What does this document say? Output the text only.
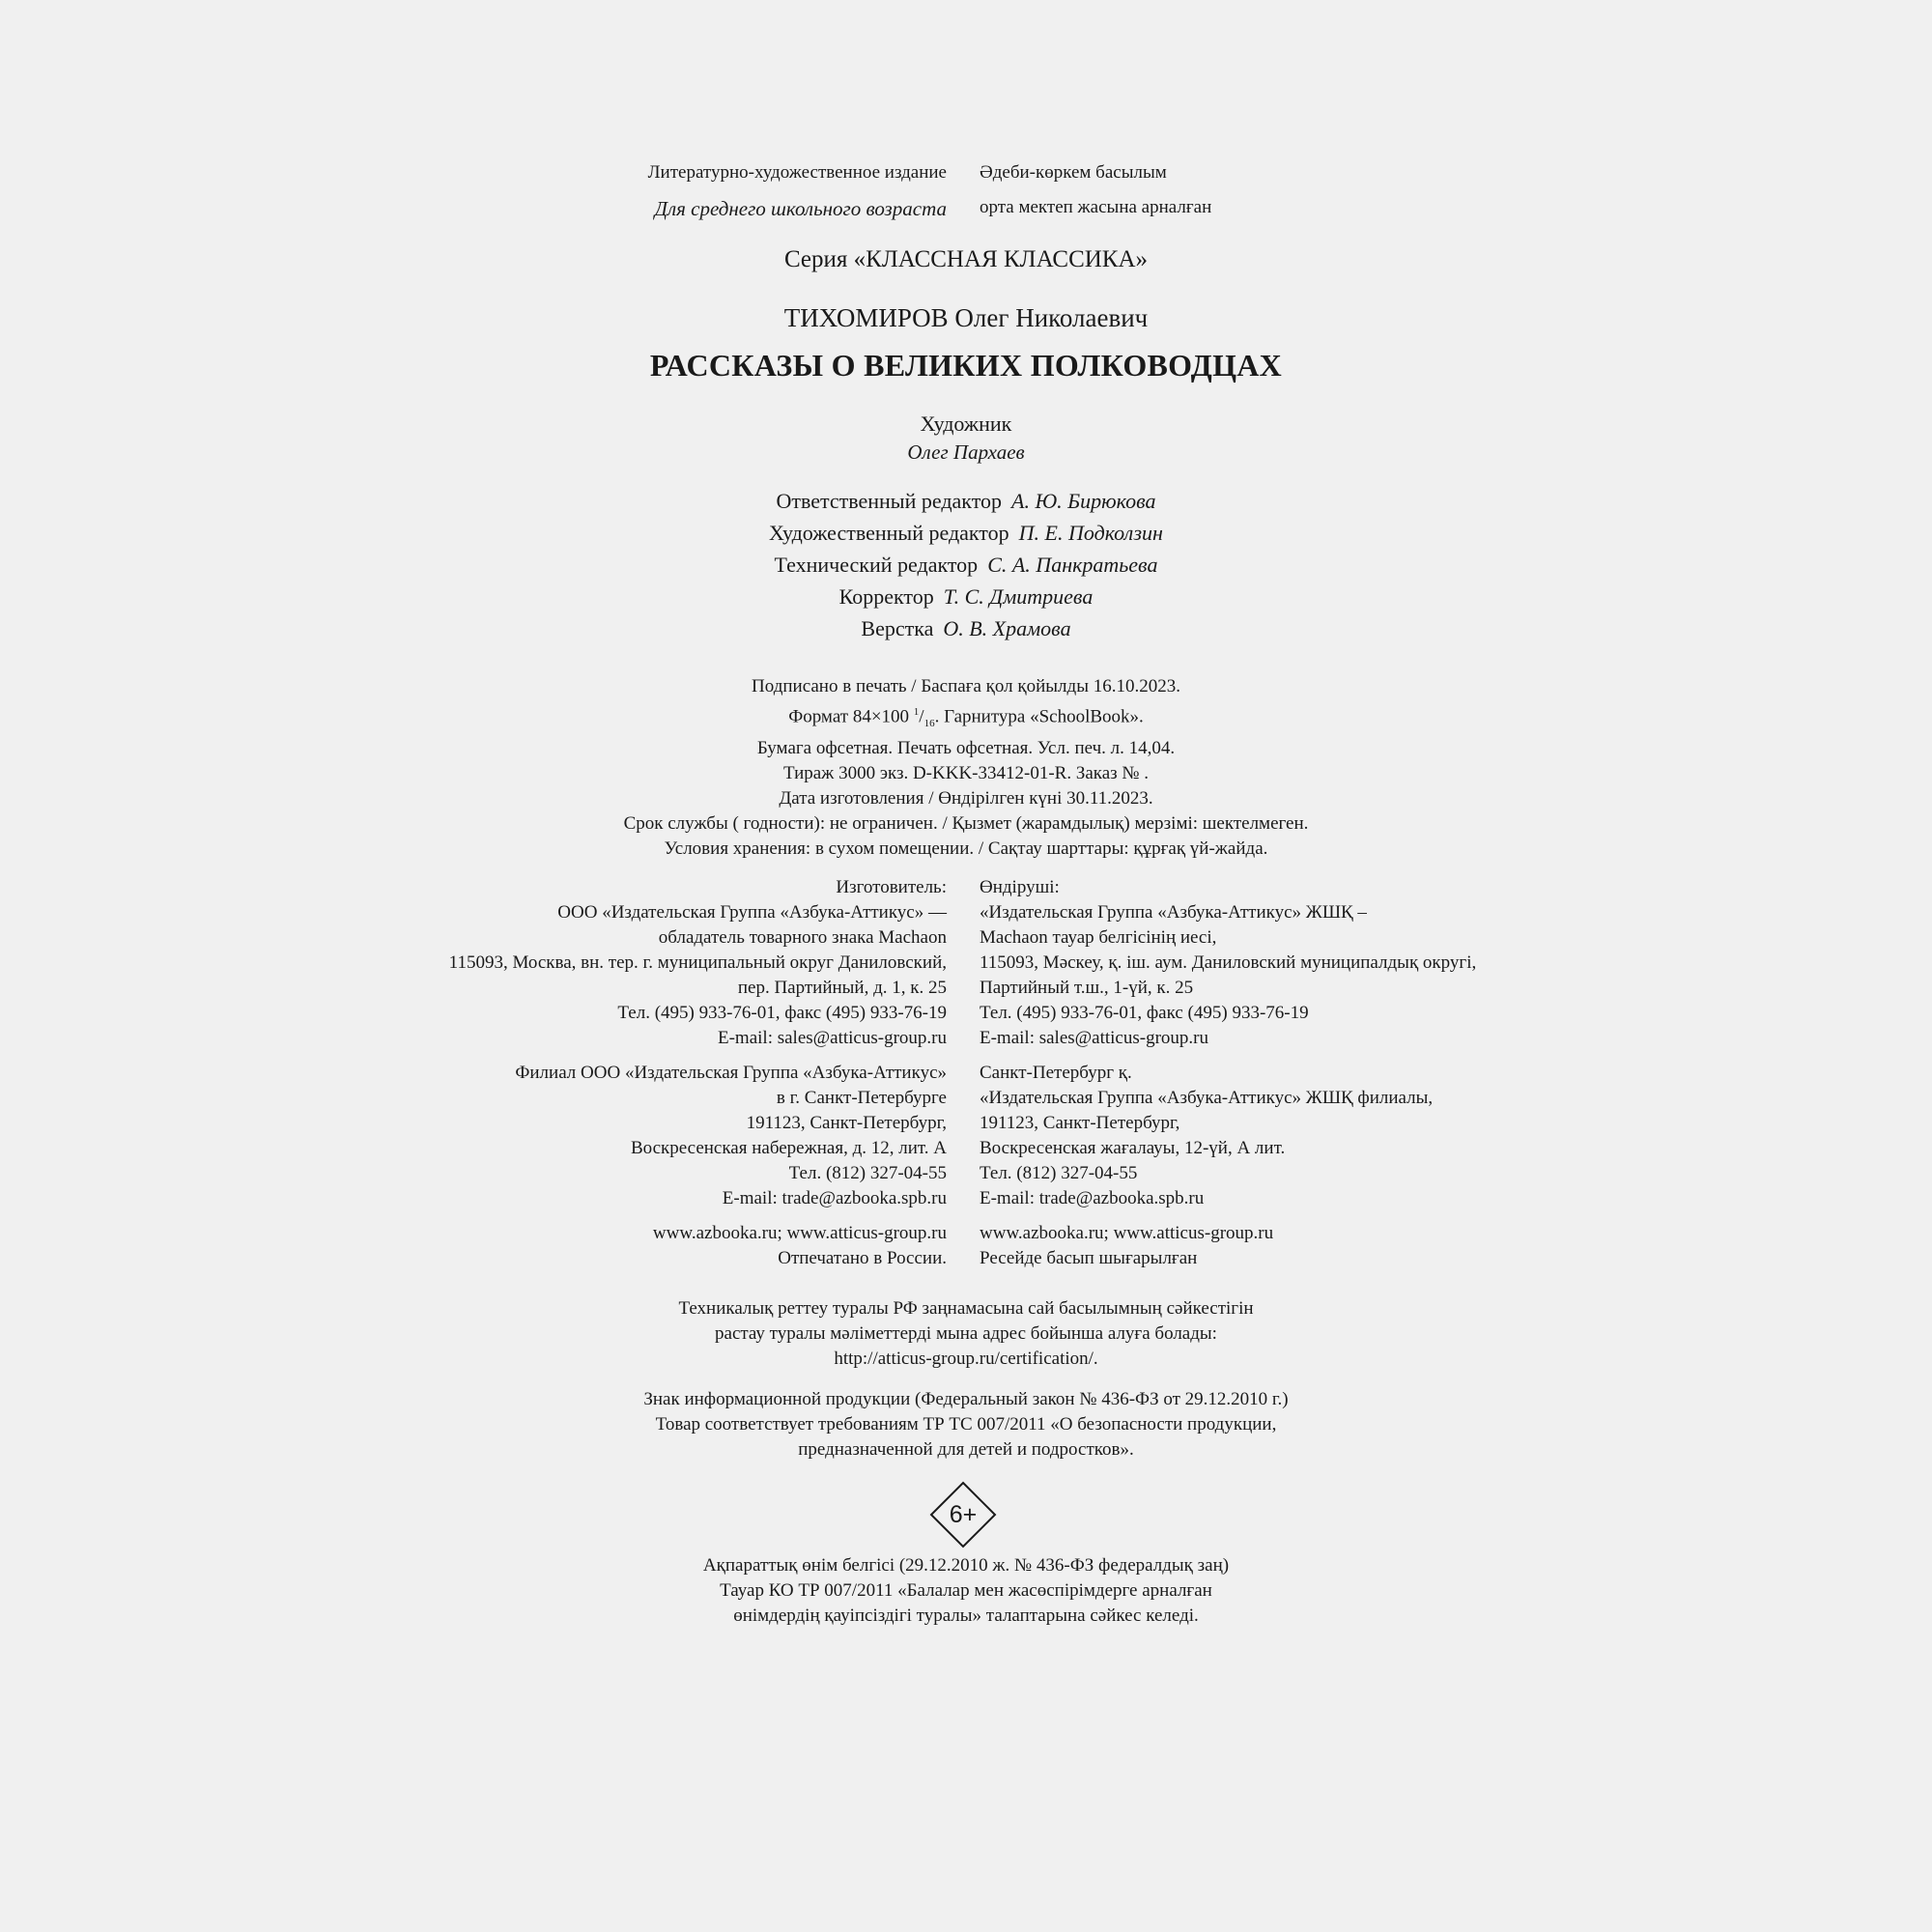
Литературно-художественное издание Әдеби-көркем басылым
Для среднего школьного возраста орта мектеп жасына арналған
Серия «КЛАССНАЯ КЛАССИКА»
ТИХОМИРОВ Олег Николаевич
РАССКАЗЫ О ВЕЛИКИХ ПОЛКОВОДЦАХ
Художник
Олег Пархаев
Ответственный редактор А. Ю. Бирюкова
Художественный редактор П. Е. Подколзин
Технический редактор С. А. Панкратьева
Корректор Т. С. Дмитриева
Верстка О. В. Храмова
Подписано в печать / Баспаға қол қойылды 16.10.2023.
Формат 84×100 $^1/_{16}$. Гарнитура «SchoolBook».
Бумага офсетная. Печать офсетная. Усл. печ. л. 14,04.
Тираж 3000 экз. D-KKK-33412-01-R. Заказ № .
Дата изготовления / Өндірілген күні 30.11.2023.
Срок службы ( годности): не ограничен. / Қызмет (жарамдылық) мерзімі: шектелмеген.
Условия хранения: в сухом помещении. / Сақтау шарттары: құрғақ үй-жайда.
Изготовитель:
ООО «Издательская Группа «Азбука-Аттикус» —
обладатель товарного знака Machaon
115093, Москва, вн. тер. г. муниципальный округ Даниловский,
пер. Партийный, д. 1, к. 25
Тел. (495) 933-76-01, факс (495) 933-76-19
E-mail: sales@atticus-group.ru
Өндіруші:
«Издательская Группа «Азбука-Аттикус» ЖШҚ –
Machaon тауар белгісінің иесі,
115093, Мәскеу, қ. іш. аум. Даниловский муниципалдық округі,
Партийный т.ш., 1-үй, к. 25
Тел. (495) 933-76-01, факс (495) 933-76-19
E-mail: sales@atticus-group.ru
Филиал ООО «Издательская Группа «Азбука-Аттикус»
в г. Санкт-Петербурге
191123, Санкт-Петербург,
Воскресенская набережная, д. 12, лит. А
Тел. (812) 327-04-55
E-mail: trade@azbooka.spb.ru
Санкт-Петербург қ.
«Издательская Группа «Азбука-Аттикус» ЖШҚ филиалы,
191123, Санкт-Петербург,
Воскресенская жағалауы, 12-үй, А лит.
Тел. (812) 327-04-55
E-mail: trade@azbooka.spb.ru
www.azbooka.ru; www.atticus-group.ru
Отпечатано в России.
www.azbooka.ru; www.atticus-group.ru
Ресейде басып шығарылған
Техникалық реттеу туралы РФ заңнамасына сай басылымның сәйкестігін
растау туралы мәліметтерді мына адрес бойынша алуға болады:
http://atticus-group.ru/certification/.
Знак информационной продукции (Федеральный закон № 436-ФЗ от 29.12.2010 г.)
Товар соответствует требованиям ТР ТС 007/2011 «О безопасности продукции,
предназначенной для детей и подростков».
6+
Ақпараттық өнім белгісі (29.12.2010 ж. № 436-ФЗ федералдық заң)
Тауар КО ТР 007/2011 «Балалар мен жасөспірімдерге арналған
өнімдердің қауіпсіздігі туралы» талаптарына сәйкес келеді.
